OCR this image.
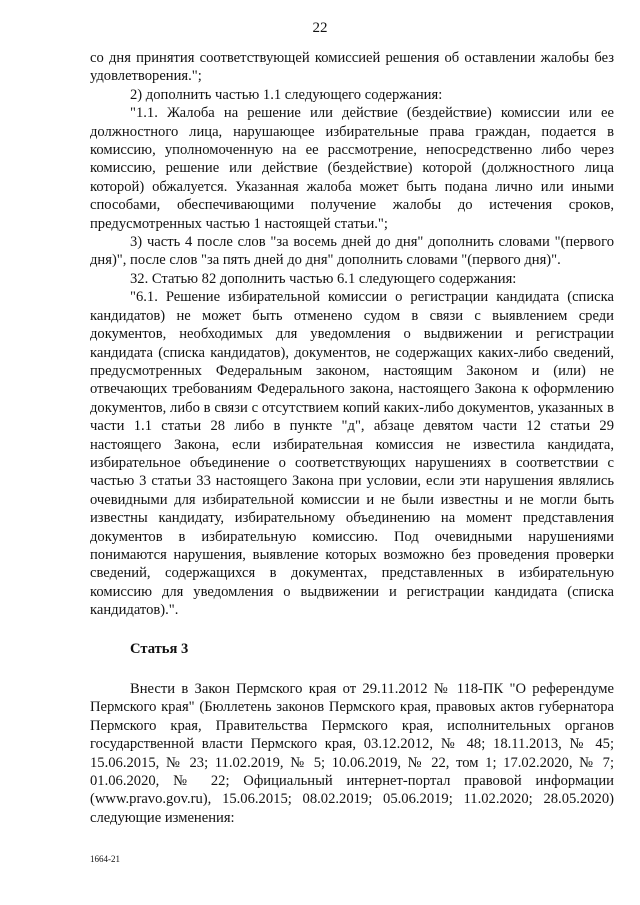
22

со дня принятия соответствующей комиссией решения об оставлении жалобы без удовлетворения.";

2) дополнить частью 1.1 следующего содержания:

"1.1. Жалоба на решение или действие (бездействие) комиссии или ее должностного лица, нарушающее избирательные права граждан, подается в комиссию, уполномоченную на ее рассмотрение, непосредственно либо через комиссию, решение или действие (бездействие) которой (должностного лица которой) обжалуется. Указанная жалоба может быть подана лично или иными способами, обеспечивающими получение жалобы до истечения сроков, предусмотренных частью 1 настоящей статьи.";

3) часть 4 после слов "за восемь дней до дня" дополнить словами "(первого дня)", после слов "за пять дней до дня" дополнить словами "(первого дня)".

32. Статью 82 дополнить частью 6.1 следующего содержания:

"6.1. Решение избирательной комиссии о регистрации кандидата (списка кандидатов) не может быть отменено судом в связи с выявлением среди документов, необходимых для уведомления о выдвижении и регистрации кандидата (списка кандидатов), документов, не содержащих каких-либо сведений, предусмотренных Федеральным законом, настоящим Законом и (или) не отвечающих требованиям Федерального закона, настоящего Закона к оформлению документов, либо в связи с отсутствием копий каких-либо документов, указанных в части 1.1 статьи 28 либо в пункте "д", абзаце девятом части 12 статьи 29 настоящего Закона, если избирательная комиссия не известила кандидата, избирательное объединение о соответствующих нарушениях в соответствии с частью 3 статьи 33 настоящего Закона при условии, если эти нарушения являлись очевидными для избирательной комиссии и не были известны и не могли быть известны кандидату, избирательному объединению на момент представления документов в избирательную комиссию. Под очевидными нарушениями понимаются нарушения, выявление которых возможно без проведения проверки сведений, содержащихся в документах, представленных в избирательную комиссию для уведомления о выдвижении и регистрации кандидата (списка кандидатов).".

Статья 3

Внести в Закон Пермского края от 29.11.2012 № 118-ПК "О референдуме Пермского края" (Бюллетень законов Пермского края, правовых актов губернатора Пермского края, Правительства Пермского края, исполнительных органов государственной власти Пермского края, 03.12.2012, № 48; 18.11.2013, № 45; 15.06.2015, № 23; 11.02.2019, № 5; 10.06.2019, № 22, том 1; 17.02.2020, № 7; 01.06.2020, № 22; Официальный интернет-портал правовой информации (www.pravo.gov.ru), 15.06.2015; 08.02.2019; 05.06.2019; 11.02.2020; 28.05.2020) следующие изменения:

1664-21
